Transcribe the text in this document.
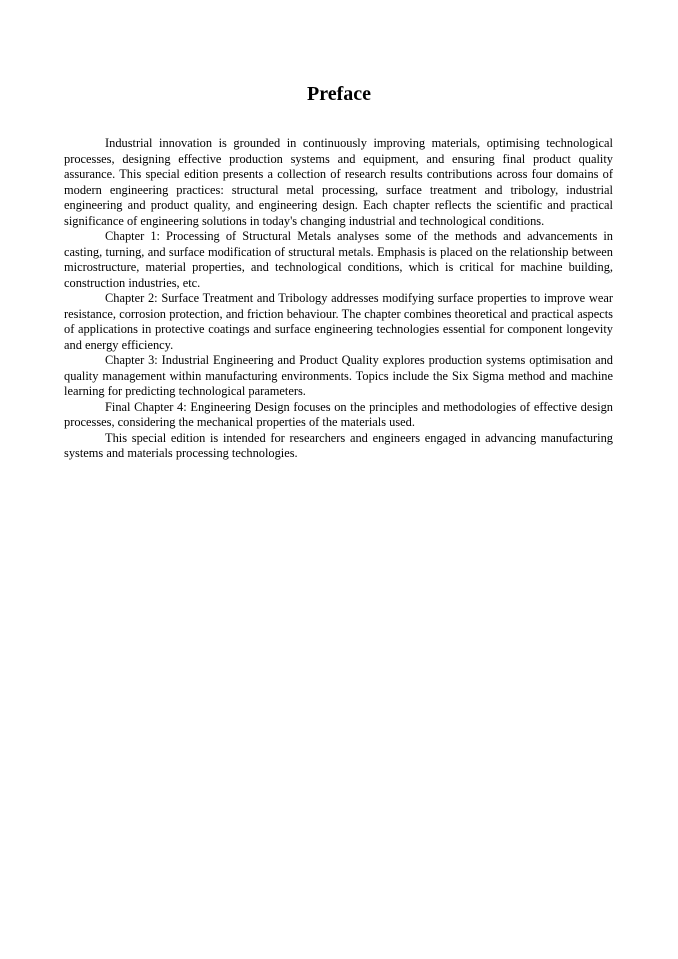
Preface

Industrial innovation is grounded in continuously improving materials, optimising technological processes, designing effective production systems and equipment, and ensuring final product quality assurance. This special edition presents a collection of research results contributions across four domains of modern engineering practices: structural metal processing, surface treatment and tribology, industrial engineering and product quality, and engineering design. Each chapter reflects the scientific and practical significance of engineering solutions in today's changing industrial and technological conditions.

Chapter 1: Processing of Structural Metals analyses some of the methods and advancements in casting, turning, and surface modification of structural metals. Emphasis is placed on the relationship between microstructure, material properties, and technological conditions, which is critical for machine building, construction industries, etc.

Chapter 2: Surface Treatment and Tribology addresses modifying surface properties to improve wear resistance, corrosion protection, and friction behaviour. The chapter combines theoretical and practical aspects of applications in protective coatings and surface engineering technologies essential for component longevity and energy efficiency.

Chapter 3: Industrial Engineering and Product Quality explores production systems optimisation and quality management within manufacturing environments. Topics include the Six Sigma method and machine learning for predicting technological parameters.

Final Chapter 4: Engineering Design focuses on the principles and methodologies of effective design processes, considering the mechanical properties of the materials used.

This special edition is intended for researchers and engineers engaged in advancing manufacturing systems and materials processing technologies.
